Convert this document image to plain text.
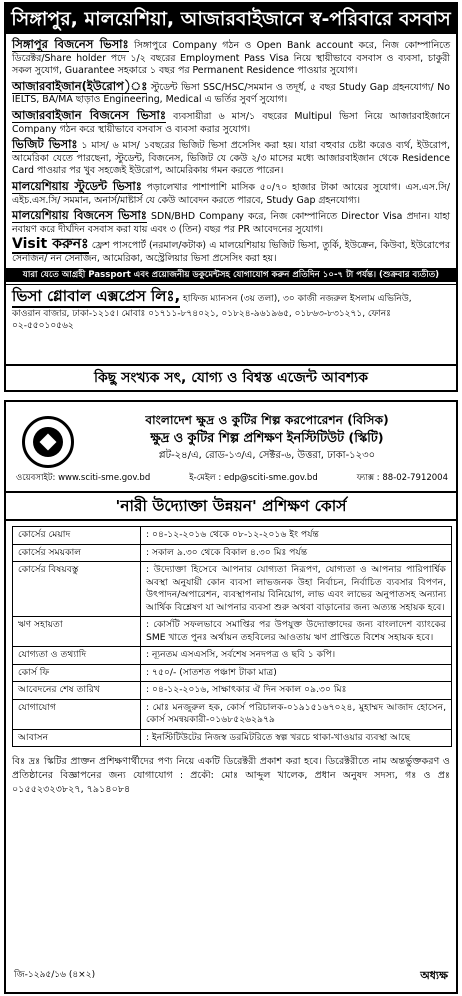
সিঙ্গাপুর, মালয়েশিয়া, আজারবাইজানে স্ব-পরিবারে বসবাস
সিঙ্গাপুর বিজনেস ভিসাঃ সিঙ্গাপুরে Company গঠন ও Open Bank account করে, নিজ কোম্পানিতে ডিরেক্টর/Share holder পদে ১/২ বছরের Employment Pass Visa নিয়ে স্থায়ীভাবে বসবাস ও ব্যবসা, চাকুরী সকল সুযোগ, Guarantee সহকারে ১ বছর পর Permanent Residence পাওয়ার সুযোগ।
আজারবাইজান(ইউরোপ)ঃ স্টুডেন্ট ভিসা SSC/HSC/সমমান ও তদূর্ধ, ৫ বছর Study Gap গ্রহনযোগ্য/ No IELTS, BA/MA ছাড়াও Engineering, Medical এ ভর্তির সুবর্ণ সুযোগ।
আজারবাইজান বিজনেস ভিসাঃ ব্যবসায়ীরা ৬ মাস/১ বছরের Multipul ভিসা নিয়ে আজারবাইজানে Company গঠন করে স্থায়ীভাবে বসবাস ও ব্যবসা করার সুযোগ।
ভিজিট ভিসাঃ ১ মাস/ ৬ মাস/ ১বছরের ভিজিট ভিসা প্রসেসিং করা হয়। যারা বহুবার চেষ্টা করেও ব্যর্থ, ইউরোপ, আমেরিকা যেতে পারছেনা, স্টুডেন্ট, বিজনেস, ভিজিট যে কেউ ২/৩ মাসের মধ্যে আজারবাইজান থেকে Residence Card পাওয়ার পর খুব সহজেই ইউরোপ, আমেরিকায় গমন করতে পারেন।
মালয়েশিয়ায় স্টুডেন্ট ভিসাঃ পড়ালেখার পাশাপাশি মাসিক ৫০/৭০ হাজার টাকা আয়ের সুযোগ। এস.এস.সি/এইচ.এস.সি/ সমমান, অনার্স/মাষ্টার্স যে কেউ আবেদন করতে পারবে, Study Gap গ্রহনযোগ্য।
মালয়েশিয়ায় বিজনেস ভিসাঃ SDN/BHD Company করে, নিজ কোম্পানিতে Director Visa প্রদান। যাহা নবায়ণ করে দীর্ঘদিন বসবাস করা যায় এবং ৩ (তিন) বছর পর PR আবেদনের সুযোগ।
Visit করুনঃ ফ্রেশ পাসপোর্ট (নরমাল/কটাক) এ মালয়েশিয়ায় ভিজিট ভিসা, তুর্কি, ইউক্রেন, কিউবা, ইউরোপের সেনজিন/ নন সেনজিন, আমেরিকা, অস্ট্রেলিয়ার ভিসা প্রসেসিং করা হয়।
যারা যেতে আগ্রহী Passport এবং প্রয়োজনীয় ডকুমেন্টসহ যোগাযোগ করুন প্রতিদিন ১০-৭ টা পর্যন্ত। (শুক্রবার ব্যতীত)
ভিসা গ্লোবাল এক্সপ্রেস লিঃ, হাফিজ ম্যানসন (৩য় তলা), ৩০ কাজী নজরুল ইসলাম এভিনিউ,
কাওরান বাজার, ঢাকা-১২১৫। মোবাঃ ০১৭১১-৮৭৪০২১, ০১৮২৪-৯৬১৯৬৫, ০১৮৬৩-৮৩১২৭১, ফোনঃ ০২-৫৫০১০৫৬২
কিছু সংখ্যক সৎ, যোগ্য ও বিশ্বস্ত এজেন্ট আবশ্যক
বাংলাদেশ ক্ষুদ্র ও কুটির শিল্প করপোরেশন (বিসিক)
ক্ষুদ্র ও কুটির শিল্প প্রশিক্ষণ ইনস্টিটিউট (স্কিটি)
প্লট-২৪/এ, রোড-১৩/এ, সেক্টর-৬, উত্তরা, ঢাকা-১২৩০
ওয়েবসাইট: www.sciti-sme.gov.bd	ই-মেইল : edp@sciti-sme.gov.bd	ফ্যাক্স : 88-02-7912004
'নারী উদ্যোক্তা উন্নয়ন' প্রশিক্ষণ কোর্স
কোর্সের মেয়াদ	: ০৪-১২-২০১৬ থেকে ০৮-১২-২০১৬ ইং পর্যন্ত
কোর্সের সময়কাল	: সকাল ৯.৩০ থেকে বিকাল ৪.৩০ মিঃ পর্যন্ত
কোর্সের বিষয়বস্তু	: উদ্যোক্তা হিসেবে আপনার যোগ্যতা নিরূপণ, যোগ্যতা ও আপনার পারিপার্শ্বিক অবস্থা অনুযায়ী কোন ব্যবসা লাভজনক উহা নির্বাচন, নির্বাচিত ব্যবসার বিপণন, উৎপাদন/অপারেশন, ব্যবস্থাপনায় বিনিয়োগ, লাভ এবং লাভের অনুপাতসহ অন্যান্য আর্থিক বিশ্লেষণ যা আপনার ব্যবসা শুরু অথবা বাড়ানোর জন্য অত্যন্ত সহায়ক হবে।
ঋণ সহায়তা	: কোর্সটি সফলভাবে সমাপ্তির পর উপযুক্ত উদ্যোক্তাদের জন্য বাংলাদেশ ব্যাংকের SME খাতে পুনঃ অর্থায়ন তহবিলের আওতায় ঋণ প্রাপ্তিতে বিশেষ সহায়ক হবে।
যোগ্যতা ও তথ্যাদি	: ন্যূনতম এসএসসি, সর্বশেষ সনদপত্র ও ছবি ১ কপি।
কোর্স ফি	: ৭৫০/- (সাতশত পঞ্চাশ টাকা মাত্র)
আবেদনের শেষ তারিখ	: ০৪-১২-২০১৬, সাক্ষাৎকার ঐ দিন সকাল ০৯.৩০ মিঃ
যোগাযোগ	: মোঃ মনজুরুল হক, কোর্স পরিচালক-০১৯১৫১৬৭০২৪, মুহাম্মদ আজাদ হোসেন, কোর্স সমন্বয়কারী-০১৬৮৫২৬২৯৭৯
আবাসন	: ইনস্টিটিউটের নিজস্ব ডরমিটরিতে স্বল্প খরচে থাকা-খাওয়ার ব্যবস্থা আছে
বিঃ দ্রঃ স্কিটির প্রাক্তন প্রশিক্ষণার্থীদের পণ্য নিয়ে একটি ডিরেক্টরী প্রকাশ করা হবে। ডিরেক্টরীতে নাম অন্তর্ভুক্তকরণ ও প্রতিষ্ঠানের বিজ্ঞাপনের জন্য যোগাযোগ : প্রকৌ: মোঃ আব্দুল খালেক, প্রধান অনুষদ সদস্য, গঃ ও প্রঃ ০১৫৫২৩২৩৮২৭, ৭৯১৪০৮৪
জি-১২৯৫/১৬ (৪×২)	অধ্যক্ষ
